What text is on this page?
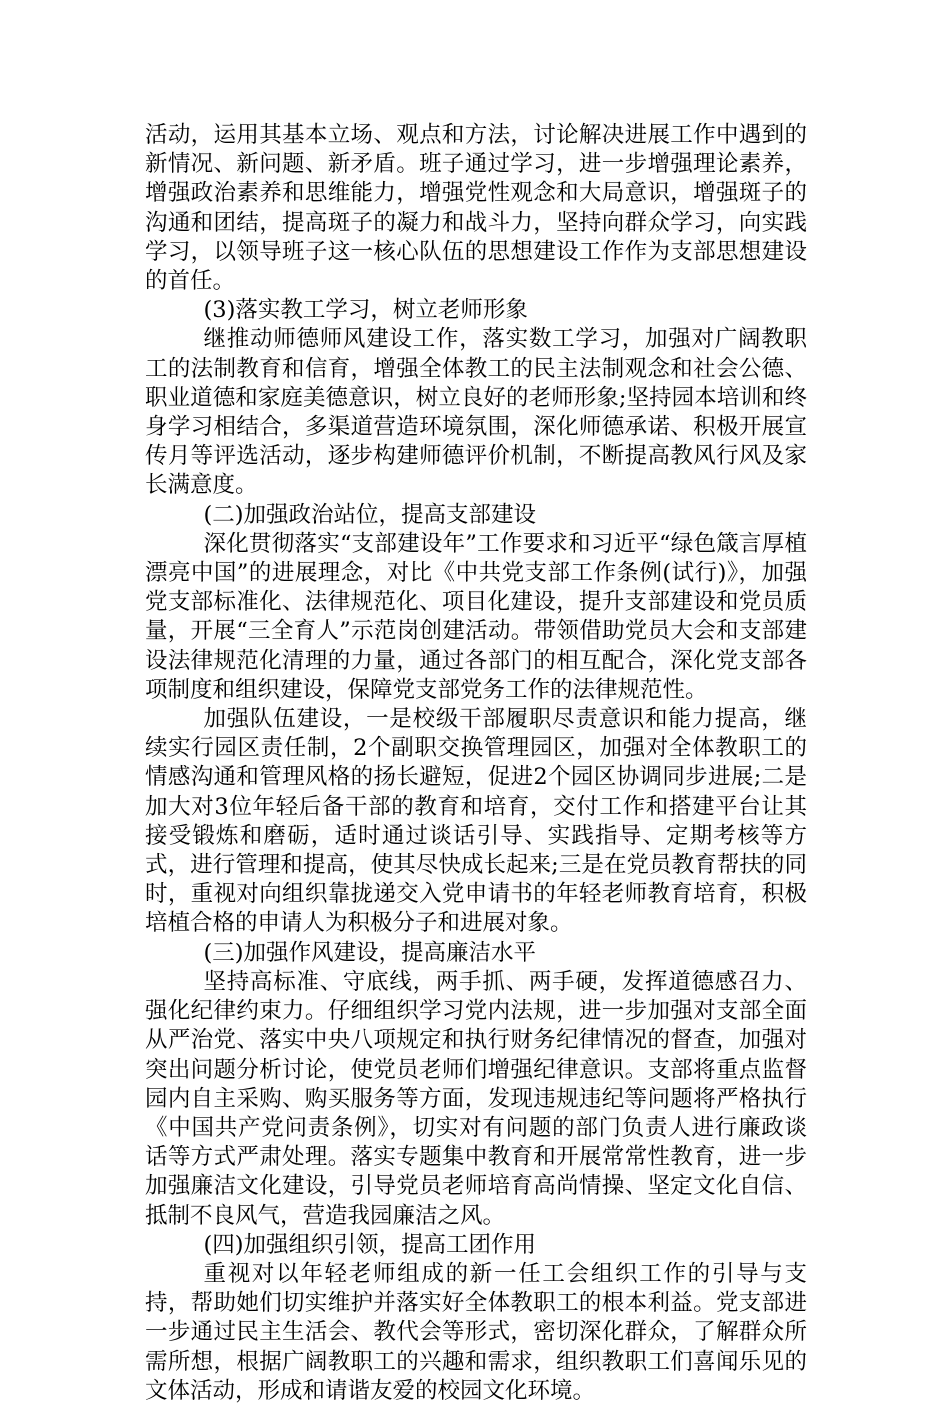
活动，运用其基本立场、观点和方法，讨论解决进展工作中遇到的新情况、新问题、新矛盾。班子通过学习，进一步增强理论素养，增强政治素养和思维能力，增强党性观念和大局意识，增强斑子的沟通和团结，提高斑子的凝力和战斗力，坚持向群众学习，向实践学习，以领导班子这一核心队伍的思想建设工作作为支部思想建设的首任。

(3)落实教工学习，树立老师形象

继推动师德师风建设工作，落实数工学习，加强对广阔教职工的法制教育和信育，增强全体教工的民主法制观念和社会公德、职业道德和家庭美德意识，树立良好的老师形象;坚持园本培训和终身学习相结合，多渠道营造环境氛围，深化师德承诺、积极开展宣传月等评选活动，逐步构建师德评价机制，不断提高教风行风及家长满意度。

(二)加强政治站位，提高支部建设

深化贯彻落实“支部建设年”工作要求和习近平“绿色箴言厚植漂亮中国”的进展理念，对比《中共党支部工作条例(试行)》，加强党支部标准化、法律规范化、项目化建设，提升支部建设和党员质量，开展“三全育人”示范岗创建活动。带领借助党员大会和支部建设法律规范化清理的力量，通过各部门的相互配合，深化党支部各项制度和组织建设，保障党支部党务工作的法律规范性。

加强队伍建设，一是校级干部履职尽责意识和能力提高，继续实行园区责任制，2个副职交换管理园区，加强对全体教职工的情感沟通和管理风格的扬长避短，促进2个园区协调同步进展;二是加大对3位年轻后备干部的教育和培育，交付工作和搭建平台让其接受锻炼和磨砺，适时通过谈话引导、实践指导、定期考核等方式，进行管理和提高，使其尽快成长起来;三是在党员教育帮扶的同时，重视对向组织靠拢递交入党申请书的年轻老师教育培育，积极培植合格的申请人为积极分子和进展对象。

(三)加强作风建设，提高廉洁水平

坚持高标准、守底线，两手抓、两手硬，发挥道德感召力、强化纪律约束力。仔细组织学习党内法规，进一步加强对支部全面从严治党、落实中央八项规定和执行财务纪律情况的督查，加强对突出问题分析讨论，使党员老师们增强纪律意识。支部将重点监督园内自主采购、购买服务等方面，发现违规违纪等问题将严格执行《中国共产党问责条例》，切实对有问题的部门负责人进行廉政谈话等方式严肃处理。落实专题集中教育和开展常常性教育，进一步加强廉洁文化建设，引导党员老师培育高尚情操、坚定文化自信、抵制不良风气，营造我园廉洁之风。

(四)加强组织引领，提高工团作用

重视对以年轻老师组成的新一任工会组织工作的引导与支持，帮助她们切实维护并落实好全体教职工的根本利益。党支部进一步通过民主生活会、教代会等形式，密切深化群众，了解群众所需所想，根据广阔教职工的兴趣和需求，组织教职工们喜闻乐见的文体活动，形成和请谐友爱的校园文化环境。
